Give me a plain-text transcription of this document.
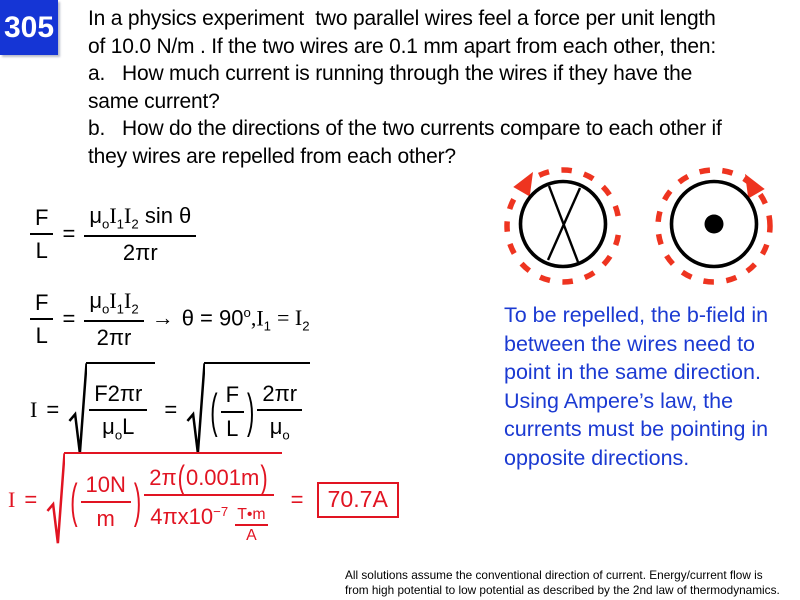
305 In a physics experiment  two parallel wires feel a force per unit length
of 10.0 N/m . If the two wires are 0.1 mm apart from each other, then:
a.   How much current is running through the wires if they have the
same current?
b.   How do the directions of the two currents compare to each other if
they wires are repelled from each other?
$\frac{F}{L} = \frac{\mu_oI_1I_2 \sin \theta}{2\pi r}$
$\frac{F}{L} = \frac{\mu_oI_1I_2}{2\pi r} \to \theta = 90^o,I_1 = I_2$
$I = \frac{F2\pi r}{\mu_oL}$ = ( $\frac{F}{L}$ ) $\frac{2\pi r}{\mu_o}$
I = ( $\frac{10N}{m}$ ) $\frac{2\pi(0.001m)}{4\pi x10^{-7} \frac{T•m}{A}}$ =	70.7A
To be repelled, the b-field in
between the wires need to
point in the same direction.
Using Ampere’s law, the
currents must be pointing in
opposite directions.
All solutions assume the conventional direction of current. Energy/current flow is
from high potential to low potential as described by the 2nd law of thermodynamics.
